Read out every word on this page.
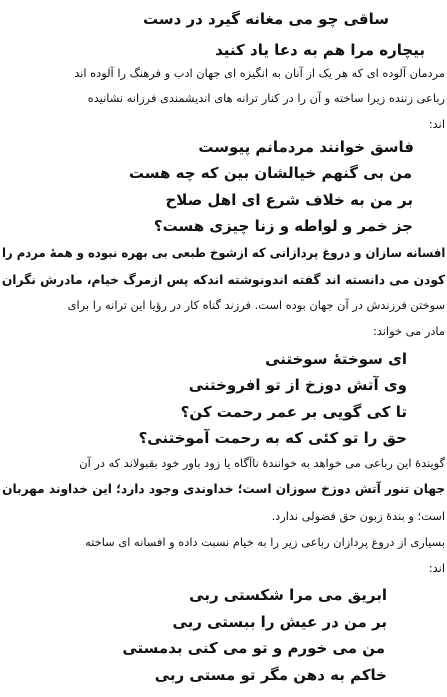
ساقی چو می مغانه گیرد در دست
بیچاره مرا هم به دعا یاد کنید
مردمان آلوده ای که هر یک از آنان به انگیزه ای جهان ادب و فرهنگ را آلوده اند
رباعی زننده زیرا ساخته و آن را در کنار ترانه های اندیشمندی فرزانه نشانیده
اند:
فاسق خوانند مردمانم پیوست
من بی گنهم خیالشان بین که چه هست
بر من به خلاف شرع ای اهل صلاح
جز خمر و لواطه و زنا چیزی هست؟
افسانه سازان و دروغ پردازانی که ازشوخ طبعی بی بهره نبوده و همهٔ مردم را
کودن می دانسته اند گفته اندونوشته اندکه پس ازمرگ خیام، مادرش نگران
سوختن فرزندش در آن جهان بوده است. فرزند گناه کار در رؤیا این ترانه را برای
مادر می خواند:
ای سوختهٔ سوختنی
وی آتش دوزخ از تو افروختنی
تا کی گویی بر عمر رحمت کن؟
حق را تو کئی که به رحمت آموختنی؟
گویندهٔ این رباعی می خواهد به خوانندهٔ ناآگاه یا زود باور خود بقبولاند که در آن
جهان تنور آتش دوزخ سوزان است؛ خداوندی وجود دارد؛ این خداوند مهربان
است؛ و بندهٔ زبون حق فضولی ندارد.
بسیاری از دروغ پردازان رباعی زیر را به خیام نسبت داده و افسانه ای ساخته
اند:
ابریق می مرا شکستی ربی
بر من در عیش را ببستی ربی
من می خورم و تو می کنی بدمستی
خاکم به دهن مگر تو مستی ربی
